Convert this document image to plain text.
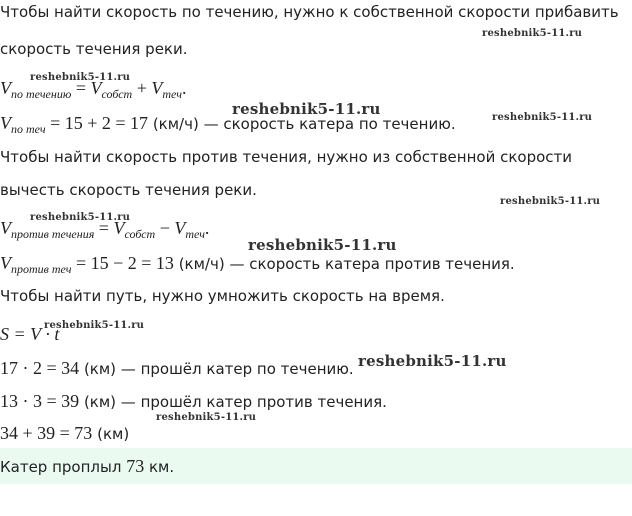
Чтобы найти скорость по течению, нужно к собственной скорости прибавить
скорость течения реки.
$V_{по течению} = V_{собст} + V_{теч}$.
$V_{по теч} = 15 + 2 = 17$ (км/ч) — скорость катера по течению.
Чтобы найти скорость против течения, нужно из собственной скорости
вычесть скорость течения реки.
$V_{против течения} = V_{собст} - V_{теч}$.
$V_{против теч} = 15 - 2 = 13$ (км/ч) — скорость катера против течения.
Чтобы найти путь, нужно умножить скорость на время.
S = V · t
17 · 2 = 34 (км) — прошёл катер по течению.
13 · 3 = 39 (км) — прошёл катер против течения.
34 + 39 = 73 (км)
Катер проплыл 73 км.
reshebnik5-11.ru
reshebnik5-11.ru
reshebnik5-11.ru	reshebnik5-11.ru
reshebnik5-11.ru
reshebnik5-11.ru
reshebnik5-11.ru
reshebnik5-11.ru
reshebnik5-11.ru
reshebnik5-11.ru
